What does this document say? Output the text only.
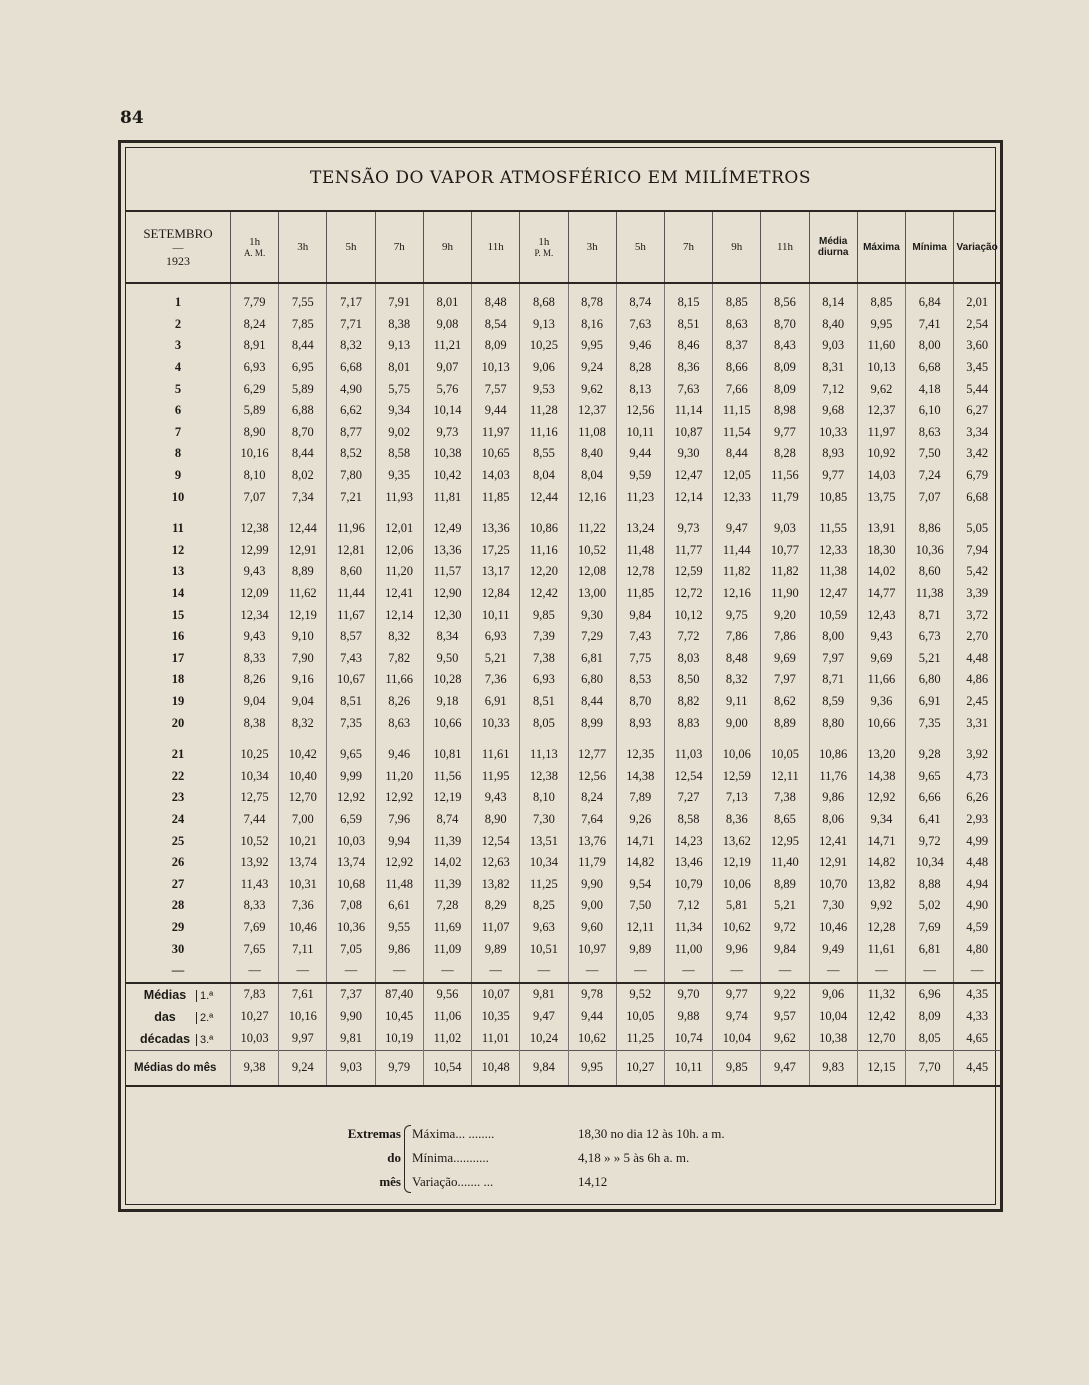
84
TENSÃO DO VAPOR ATMOSFÉRICO EM MILÍMETROS
SETEMBRO
—
1923	1h
A. M.	3h	5h	7h	9h	11h	1h
P. M.	3h	5h	7h	9h	11h	Média diurna	Máxima	Mínima	Variação

1	7,79	7,55	7,17	7,91	8,01	8,48	8,68	8,78	8,74	8,15	8,85	8,56	8,14	8,85	6,84	2,01
2	8,24	7,85	7,71	8,38	9,08	8,54	9,13	8,16	7,63	8,51	8,63	8,70	8,40	9,95	7,41	2,54
3	8,91	8,44	8,32	9,13	11,21	8,09	10,25	9,95	9,46	8,46	8,37	8,43	9,03	11,60	8,00	3,60
4	6,93	6,95	6,68	8,01	9,07	10,13	9,06	9,24	8,28	8,36	8,66	8,09	8,31	10,13	6,68	3,45
5	6,29	5,89	4,90	5,75	5,76	7,57	9,53	9,62	8,13	7,63	7,66	8,09	7,12	9,62	4,18	5,44
6	5,89	6,88	6,62	9,34	10,14	9,44	11,28	12,37	12,56	11,14	11,15	8,98	9,68	12,37	6,10	6,27
7	8,90	8,70	8,77	9,02	9,73	11,97	11,16	11,08	10,11	10,87	11,54	9,77	10,33	11,97	8,63	3,34
8	10,16	8,44	8,52	8,58	10,38	10,65	8,55	8,40	9,44	9,30	8,44	8,28	8,93	10,92	7,50	3,42
9	8,10	8,02	7,80	9,35	10,42	14,03	8,04	8,04	9,59	12,47	12,05	11,56	9,77	14,03	7,24	6,79
10	7,07	7,34	7,21	11,93	11,81	11,85	12,44	12,16	11,23	12,14	12,33	11,79	10,85	13,75	7,07	6,68

11	12,38	12,44	11,96	12,01	12,49	13,36	10,86	11,22	13,24	9,73	9,47	9,03	11,55	13,91	8,86	5,05
12	12,99	12,91	12,81	12,06	13,36	17,25	11,16	10,52	11,48	11,77	11,44	10,77	12,33	18,30	10,36	7,94
13	9,43	8,89	8,60	11,20	11,57	13,17	12,20	12,08	12,78	12,59	11,82	11,82	11,38	14,02	8,60	5,42
14	12,09	11,62	11,44	12,41	12,90	12,84	12,42	13,00	11,85	12,72	12,16	11,90	12,47	14,77	11,38	3,39
15	12,34	12,19	11,67	12,14	12,30	10,11	9,85	9,30	9,84	10,12	9,75	9,20	10,59	12,43	8,71	3,72
16	9,43	9,10	8,57	8,32	8,34	6,93	7,39	7,29	7,43	7,72	7,86	7,86	8,00	9,43	6,73	2,70
17	8,33	7,90	7,43	7,82	9,50	5,21	7,38	6,81	7,75	8,03	8,48	9,69	7,97	9,69	5,21	4,48
18	8,26	9,16	10,67	11,66	10,28	7,36	6,93	6,80	8,53	8,50	8,32	7,97	8,71	11,66	6,80	4,86
19	9,04	9,04	8,51	8,26	9,18	6,91	8,51	8,44	8,70	8,82	9,11	8,62	8,59	9,36	6,91	2,45
20	8,38	8,32	7,35	8,63	10,66	10,33	8,05	8,99	8,93	8,83	9,00	8,89	8,80	10,66	7,35	3,31

21	10,25	10,42	9,65	9,46	10,81	11,61	11,13	12,77	12,35	11,03	10,06	10,05	10,86	13,20	9,28	3,92
22	10,34	10,40	9,99	11,20	11,56	11,95	12,38	12,56	14,38	12,54	12,59	12,11	11,76	14,38	9,65	4,73
23	12,75	12,70	12,92	12,92	12,19	9,43	8,10	8,24	7,89	7,27	7,13	7,38	9,86	12,92	6,66	6,26
24	7,44	7,00	6,59	7,96	8,74	8,90	7,30	7,64	9,26	8,58	8,36	8,65	8,06	9,34	6,41	2,93
25	10,52	10,21	10,03	9,94	11,39	12,54	13,51	13,76	14,71	14,23	13,62	12,95	12,41	14,71	9,72	4,99
26	13,92	13,74	13,74	12,92	14,02	12,63	10,34	11,79	14,82	13,46	12,19	11,40	12,91	14,82	10,34	4,48
27	11,43	10,31	10,68	11,48	11,39	13,82	11,25	9,90	9,54	10,79	10,06	8,89	10,70	13,82	8,88	4,94
28	8,33	7,36	7,08	6,61	7,28	8,29	8,25	9,00	7,50	7,12	5,81	5,21	7,30	9,92	5,02	4,90
29	7,69	10,46	10,36	9,55	11,69	11,07	9,63	9,60	12,11	11,34	10,62	9,72	10,46	12,28	7,69	4,59
30	7,65	7,11	7,05	9,86	11,09	9,89	10,51	10,97	9,89	11,00	9,96	9,84	9,49	11,61	6,81	4,80
—	—	—	—	—	—	—	—	—	—	—	—	—	—	—	—	—
Médias 1.ª	7,83	7,61	7,37	87,40	9,56	10,07	9,81	9,78	9,52	9,70	9,77	9,22	9,06	11,32	6,96	4,35
das 2.ª	10,27	10,16	9,90	10,45	11,06	10,35	9,47	9,44	10,05	9,88	9,74	9,57	10,04	12,42	8,09	4,33
décadas 3.ª	10,03	9,97	9,81	10,19	11,02	11,01	10,24	10,62	11,25	10,74	10,04	9,62	10,38	12,70	8,05	4,65
Médias do mês	9,38	9,24	9,03	9,79	10,54	10,48	9,84	9,95	10,27	10,11	9,85	9,47	9,83	12,15	7,70	4,45
Extremas Máxima... ........	18,30 no dia 12 às 10h. a m.
do Mínima...........	4,18 » » 5 às 6h a. m.
mês Variação....... ...	14,12
